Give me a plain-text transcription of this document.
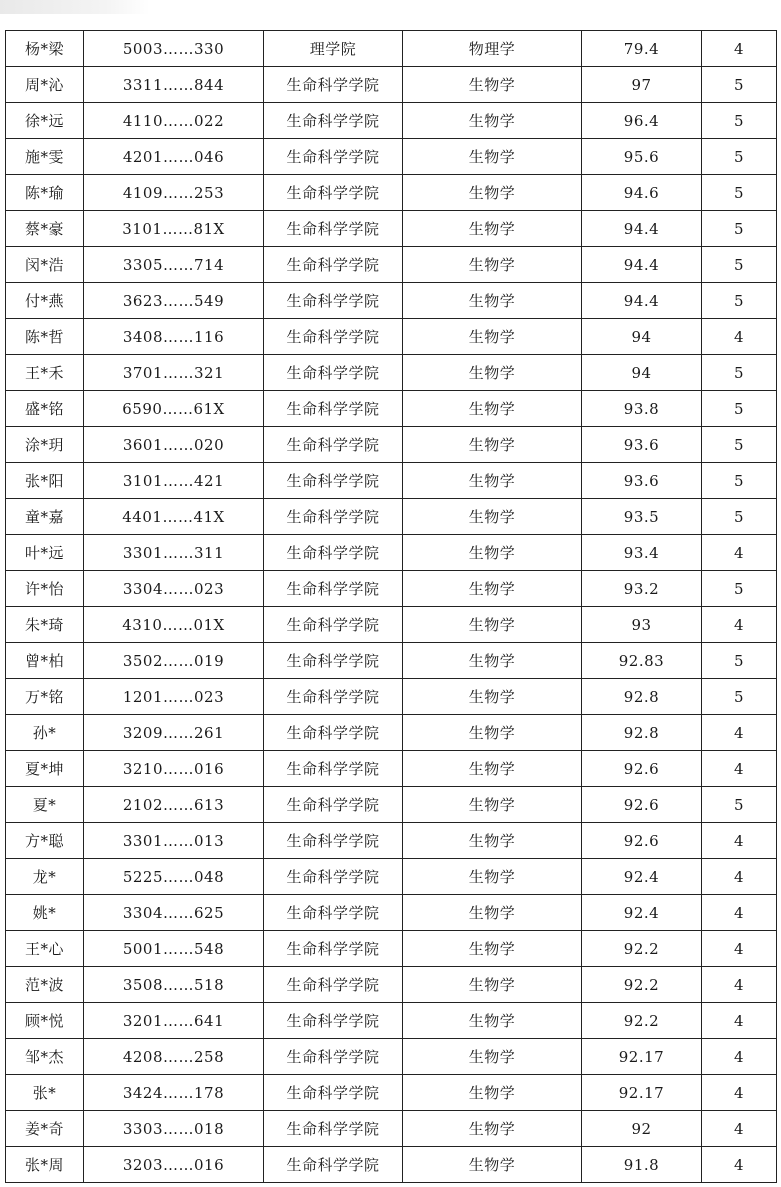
杨*梁	5003……330	理学院	物理学	79.4	4
周*沁	3311……844	生命科学学院	生物学	97	5
徐*远	4110……022	生命科学学院	生物学	96.4	5
施*雯	4201……046	生命科学学院	生物学	95.6	5
陈*瑜	4109……253	生命科学学院	生物学	94.6	5
蔡*豪	3101……81X	生命科学学院	生物学	94.4	5
闵*浩	3305……714	生命科学学院	生物学	94.4	5
付*燕	3623……549	生命科学学院	生物学	94.4	5
陈*哲	3408……116	生命科学学院	生物学	94	4
王*禾	3701……321	生命科学学院	生物学	94	5
盛*铭	6590……61X	生命科学学院	生物学	93.8	5
涂*玥	3601……020	生命科学学院	生物学	93.6	5
张*阳	3101……421	生命科学学院	生物学	93.6	5
童*嘉	4401……41X	生命科学学院	生物学	93.5	5
叶*远	3301……311	生命科学学院	生物学	93.4	4
许*怡	3304……023	生命科学学院	生物学	93.2	5
朱*琦	4310……01X	生命科学学院	生物学	93	4
曾*柏	3502……019	生命科学学院	生物学	92.83	5
万*铭	1201……023	生命科学学院	生物学	92.8	5
孙*	3209……261	生命科学学院	生物学	92.8	4
夏*坤	3210……016	生命科学学院	生物学	92.6	4
夏*	2102……613	生命科学学院	生物学	92.6	5
方*聪	3301……013	生命科学学院	生物学	92.6	4
龙*	5225……048	生命科学学院	生物学	92.4	4
姚*	3304……625	生命科学学院	生物学	92.4	4
王*心	5001……548	生命科学学院	生物学	92.2	4
范*波	3508……518	生命科学学院	生物学	92.2	4
顾*悦	3201……641	生命科学学院	生物学	92.2	4
邹*杰	4208……258	生命科学学院	生物学	92.17	4
张*	3424……178	生命科学学院	生物学	92.17	4
姜*奇	3303……018	生命科学学院	生物学	92	4
张*周	3203……016	生命科学学院	生物学	91.8	4
